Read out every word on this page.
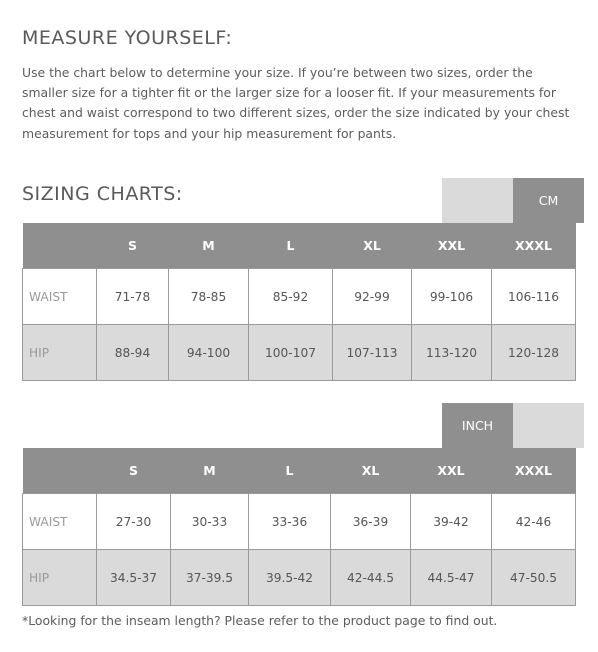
MEASURE YOURSELF:

Use the chart below to determine your size. If you’re between two sizes, order the smaller size for a tighter fit or the larger size for a looser fit. If your measurements for chest and waist correspond to two different sizes, order the size indicated by your chest measurement for tops and your hip measurement for pants.

SIZING CHARTS:	CM
	S	M	L	XL	XXL	XXXL
WAIST	71-78	78-85	85-92	92-99	99-106	106-116
HIP	88-94	94-100	100-107	107-113	113-120	120-128
INCH
	S	M	L	XL	XXL	XXXL
WAIST	27-30	30-33	33-36	36-39	39-42	42-46
HIP	34.5-37	37-39.5	39.5-42	42-44.5	44.5-47	47-50.5

*Looking for the inseam length? Please refer to the product page to find out.
